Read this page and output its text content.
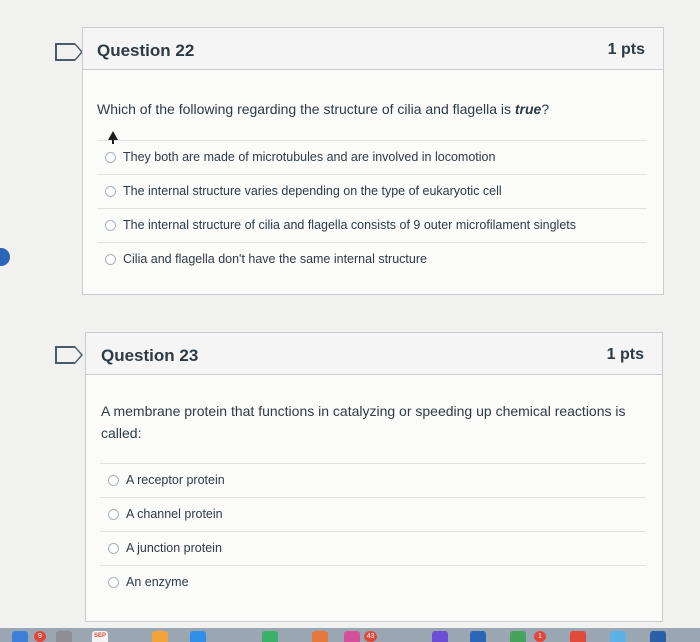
Question 22	1 pts
Which of the following regarding the structure of cilia and flagella is true?
They both are made of microtubules and are involved in locomotion
The internal structure varies depending on the type of eukaryotic cell
The internal structure of cilia and flagella consists of 9 outer microfilament singlets
Cilia and flagella don't have the same internal structure
Question 23	1 pts
A membrane protein that functions in catalyzing or speeding up chemical reactions is called:
A receptor protein
A channel protein
A junction protein
An enzyme
9	SEP	43	1
